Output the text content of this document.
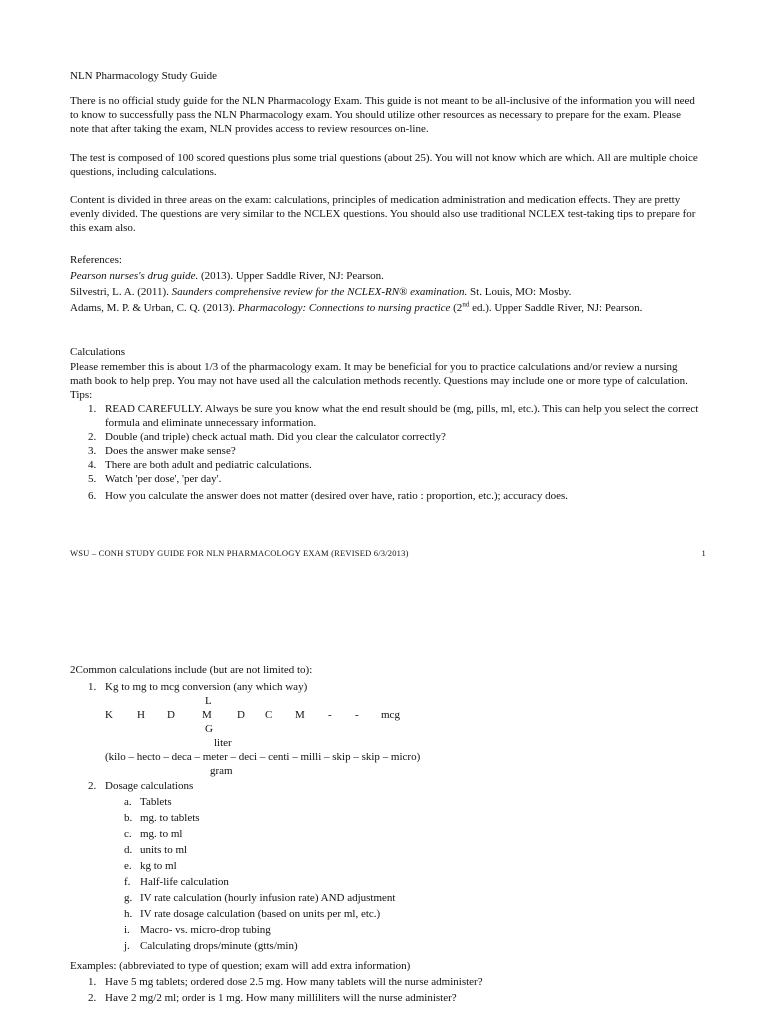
NLN Pharmacology Study Guide

There is no official study guide for the NLN Pharmacology Exam. This guide is not meant to be all-inclusive of the information you will need to know to successfully pass the NLN Pharmacology exam. You should utilize other resources as necessary to prepare for the exam. Please note that after taking the exam, NLN provides access to review resources on-line.

The test is composed of 100 scored questions plus some trial questions (about 25). You will not know which are which. All are multiple choice questions, including calculations.

Content is divided in three areas on the exam: calculations, principles of medication administration and medication effects. They are pretty evenly divided. The questions are very similar to the NCLEX questions. You should also use traditional NCLEX test-taking tips to prepare for this exam also.

References:

Pearson nurses's drug guide. (2013). Upper Saddle River, NJ: Pearson.

Silvestri, L. A. (2011). Saunders comprehensive review for the NCLEX-RN® examination. St. Louis, MO: Mosby.

Adams, M. P. & Urban, C. Q. (2013). Pharmacology: Connections to nursing practice (2nd ed.). Upper Saddle River, NJ: Pearson.

Calculations

Please remember this is about 1/3 of the pharmacology exam. It may be beneficial for you to practice calculations and/or review a nursing math book to help prep. You may not have used all the calculation methods recently. Questions may include one or more type of calculation.

Tips:

1. READ CAREFULLY. Always be sure you know what the end result should be (mg, pills, ml, etc.). This can help you select the correct formula and eliminate unnecessary information.
2. Double (and triple) check actual math. Did you clear the calculator correctly?
3. Does the answer make sense?
4. There are both adult and pediatric calculations.
5. Watch 'per dose', 'per day'.
6. How you calculate the answer does not matter (desired over have, ratio : proportion, etc.); accuracy does.
WSU – CONH STUDY GUIDE FOR NLN PHARMACOLOGY EXAM (REVISED 6/3/2013)	1

2Common calculations include (but are not limited to):

1. Kg to mg to mcg conversion (any which way)
L
K H D M D C M - - mcg
G
liter

(kilo – hecto – deca – meter – deci – centi – milli – skip – skip – micro)

gram

2. Dosage calculations
a. Tablets
b. mg. to tablets
c. mg. to ml
d. units to ml
e. kg to ml
f. Half-life calculation
g. IV rate calculation (hourly infusion rate) AND adjustment
h. IV rate dosage calculation (based on units per ml, etc.)
i. Macro- vs. micro-drop tubing
j. Calculating drops/minute (gtts/min)

Examples: (abbreviated to type of question; exam will add extra information)

1. Have 5 mg tablets; ordered dose 2.5 mg. How many tablets will the nurse administer?
2. Have 2 mg/2 ml; order is 1 mg. How many milliliters will the nurse administer?
